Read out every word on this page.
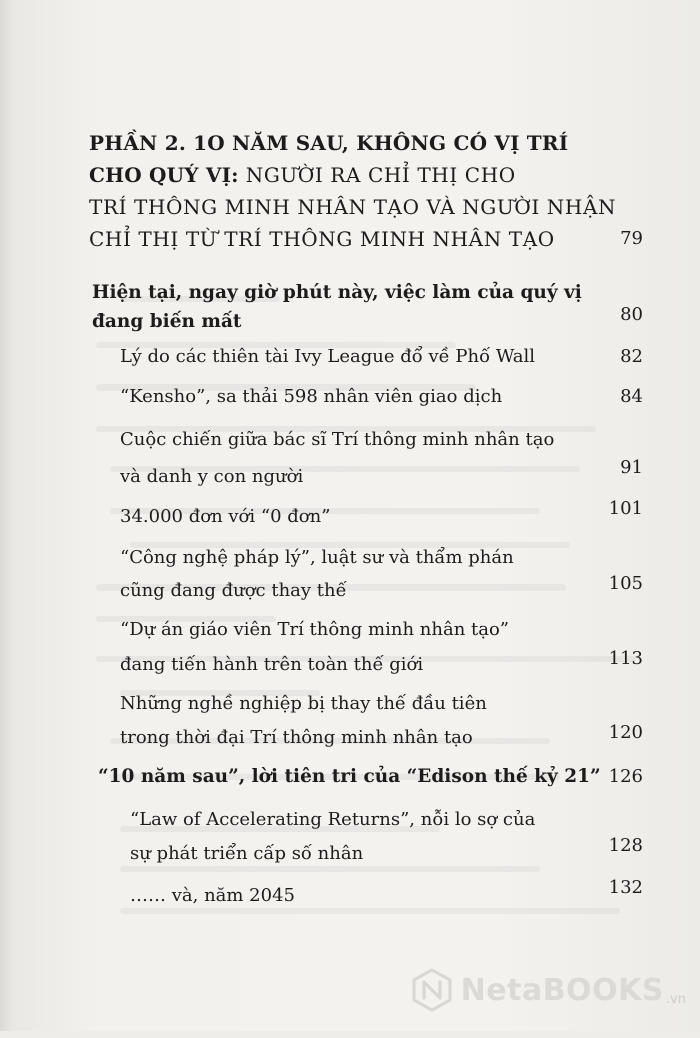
PHẦN 2. 1O NĂM SAU, KHÔNG CÓ VỊ TRÍ
CHO QUÝ VỊ: NGƯỜI RA CHỈ THỊ CHO
TRÍ THÔNG MINH NHÂN TẠO VÀ NGƯỜI NHẬN
CHỈ THỊ TỪ TRÍ THÔNG MINH NHÂN TẠO	79
Hiện tại, ngay giờ phút này, việc làm của quý vị
đang biến mất	80
Lý do các thiên tài Ivy League đổ về Phố Wall	82
“Kensho”, sa thải 598 nhân viên giao dịch	84
Cuộc chiến giữa bác sĩ Trí thông minh nhân tạo
và danh y con người	91
34.000 đơn với “0 đơn”	101
“Công nghệ pháp lý”, luật sư và thẩm phán
cũng đang được thay thế	105
“Dự án giáo viên Trí thông minh nhân tạo”
đang tiến hành trên toàn thế giới	113
Những nghề nghiệp bị thay thế đầu tiên
trong thời đại Trí thông minh nhân tạo	120
“10 năm sau”, lời tiên tri của “Edison thế kỷ 21” 126
“Law of Accelerating Returns”, nỗi lo sợ của
sự phát triển cấp số nhân	128
…… và, năm 2045	132
NetaBOOKS .vn
